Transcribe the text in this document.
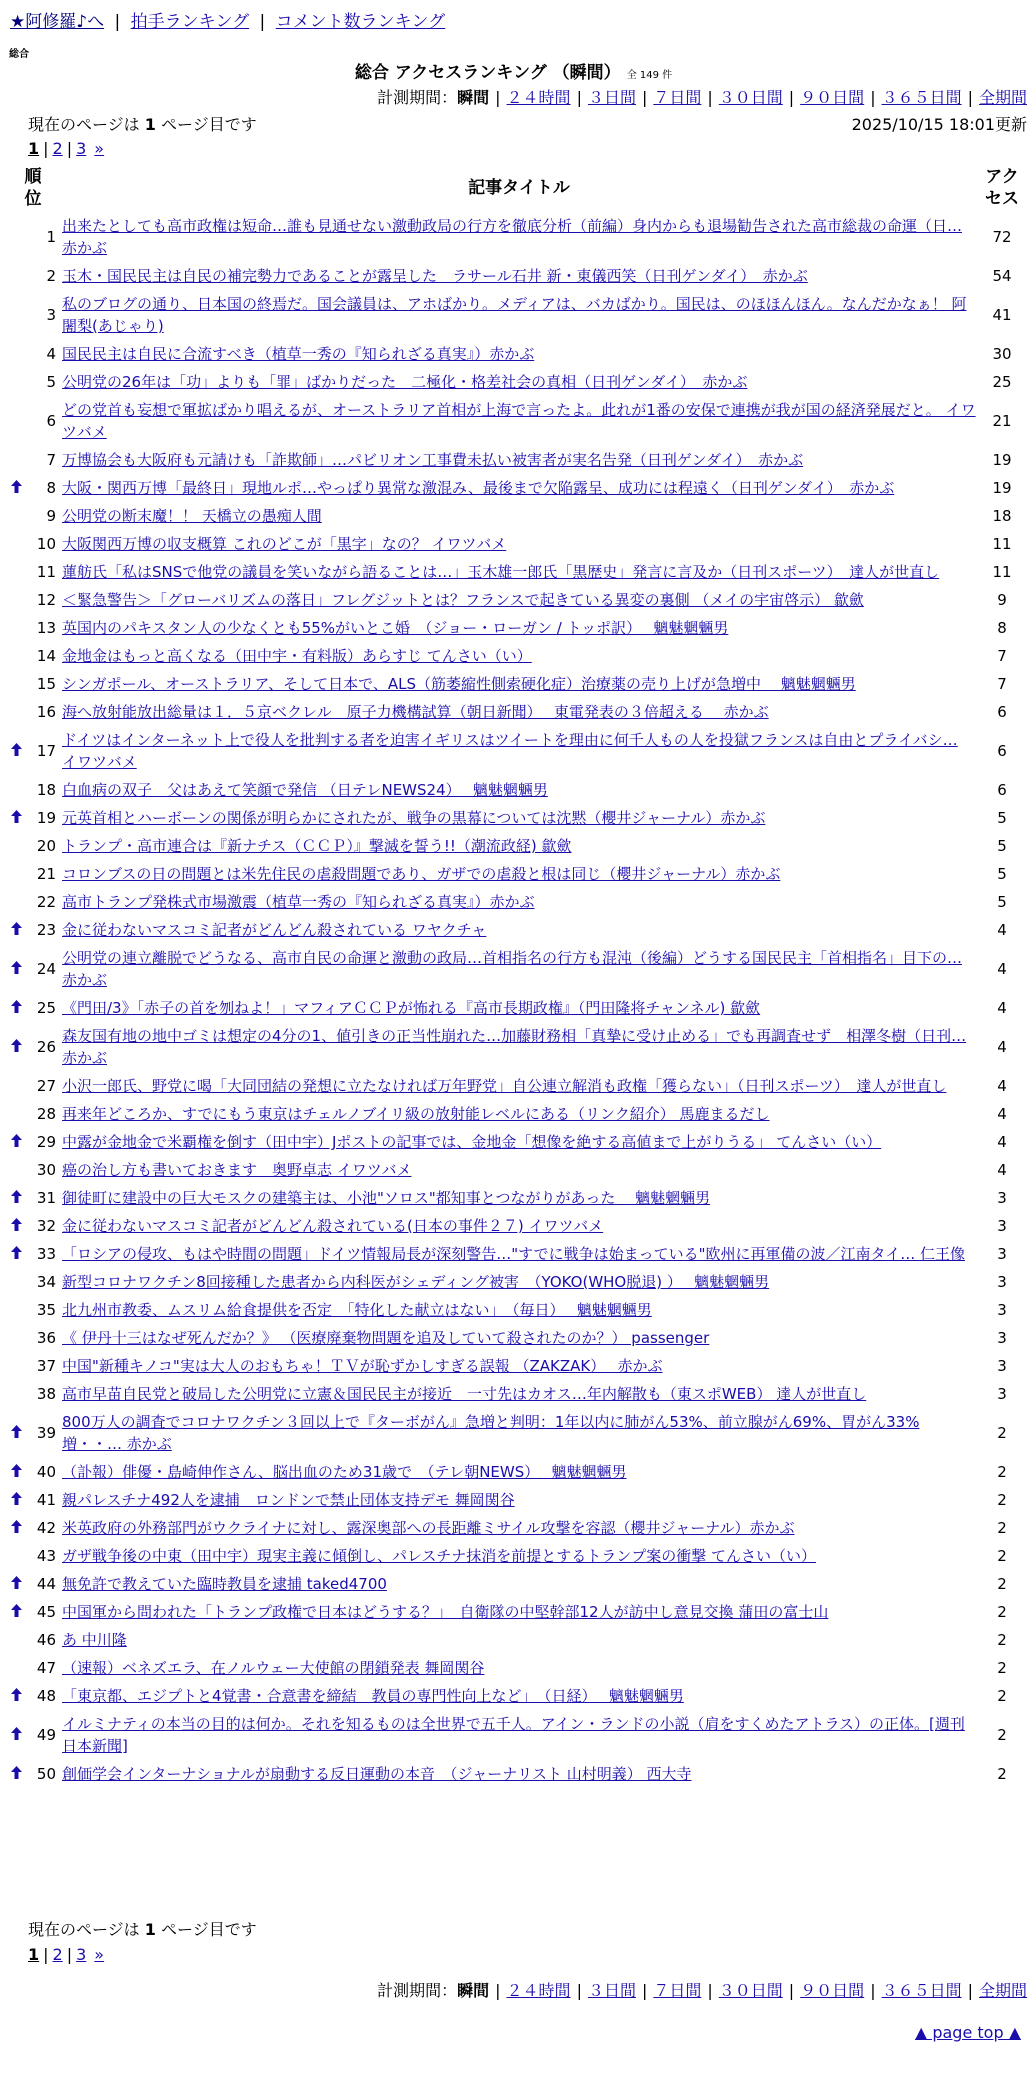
★阿修羅♪へ | 拍手ランキング | コメント数ランキング
総合
総合 アクセスランキング （瞬間） 全 149 件
計測期間：瞬間 | ２４時間 | ３日間 | ７日間 | ３０日間 | ９０日間 | ３６５日間 | 全期間
現在のページは 1 ページ目です	2025/10/15 18:01更新
1 | 2 | 3 »
順
位		記事タイトル	アク
セス
	1	出来たとしても高市政権は短命…誰も見通せない激動政局の行方を徹底分析（前編）身内からも退場勧告された高市総裁の命運（日… 赤かぶ	72
	2	玉木・国民民主は自民の補完勢力であることが露呈した　ラサール石井 新・東儀西笑（日刊ゲンダイ）　赤かぶ	54
	3	私のブログの通り、日本国の終焉だ。国会議員は、アホばかり。メディアは、バカばかり。国民は、のほほんほん。なんだかなぁ！ 阿闍梨(あじゃり)	41
	4	国民民主は自民に合流すべき（植草一秀の『知られざる真実』）赤かぶ	30
	5	公明党の26年は「功」よりも「罪」ばかりだった　二極化・格差社会の真相（日刊ゲンダイ）　赤かぶ	25
	6	どの党首も妄想で軍拡ばかり唱えるが、オーストラリア首相が上海で言ったよ。此れが1番の安保で連携が我が国の経済発展だと。 イワツバメ	21
	7	万博協会も大阪府も元請けも「詐欺師」…パビリオン工事費未払い被害者が実名告発（日刊ゲンダイ）　赤かぶ	19
	8	大阪・関西万博「最終日」現地ルポ…やっぱり異常な激混み、最後まで欠陥露呈、成功には程遠く（日刊ゲンダイ）　赤かぶ	19
	9	公明党の断末魔！！ 天橋立の愚痴人間	18
	10	大阪関西万博の収支概算 これのどこが「黒字」なの？ イワツバメ	11
	11	蓮舫氏「私はSNSで他党の議員を笑いながら語ることは…」玉木雄一郎氏「黒歴史」発言に言及か（日刊スポーツ）　達人が世直し	11
	12	＜緊急警告＞「グローバリズムの落日」フレグジットとは？フランスで起きている異変の裏側 （メイの宇宙啓示） 歙歛	9
	13	英国内のパキスタン人の少なくとも55%がいとこ婚　（ジョー・ローガン / トッポ訳）　 魑魅魍魎男	8
	14	金地金はもっと高くなる（田中宇・有料版）あらすじ てんさい（い）	7
	15	シンガポール、オーストラリア、そして日本で、ALS（筋萎縮性側索硬化症）治療薬の売り上げが急増中　 魑魅魍魎男	7
	16	海へ放射能放出総量は１．５京ベクレル　原子力機構試算（朝日新聞）　 東電発表の３倍超える　 赤かぶ	6
	17	ドイツはインターネット上で役人を批判する者を迫害イギリスはツイートを理由に何千人もの人を投獄フランスは自由とプライバシ… イワツバメ	6
	18	白血病の双子　父はあえて笑顔で発信 （日テレNEWS24）　 魑魅魍魎男	6
	19	元英首相とハーボーンの関係が明らかにされたが、戦争の黒幕については沈黙（櫻井ジャーナル）赤かぶ	5
	20	トランプ・高市連合は『新ナチス（ＣＣＰ）』撃滅を誓う!!（潮流政経) 歙歛	5
	21	コロンブスの日の問題とは米先住民の虐殺問題であり、ガザでの虐殺と根は同じ（櫻井ジャーナル）赤かぶ	5
	22	高市トランプ発株式市場激震（植草一秀の『知られざる真実』）赤かぶ	5
	23	金に従わないマスコミ記者がどんどん殺されている ワヤクチャ	4
	24	公明党の連立離脱でどうなる、高市自民の命運と激動の政局…首相指名の行方も混沌（後編）どうする国民民主「首相指名」目下の… 赤かぶ	4
	25	《門田/3》「赤子の首を刎ねよ！」マフィアＣＣＰが怖れる『高市長期政権』（門田隆将チャンネル) 歙歛	4
	26	森友国有地の地中ゴミは想定の4分の1、値引きの正当性崩れた…加藤財務相「真摯に受け止める」でも再調査せず　相澤冬樹（日刊… 赤かぶ	4
	27	小沢一郎氏、野党に喝「大同団結の発想に立たなければ万年野党」自公連立解消も政権「獲らない」（日刊スポーツ）　達人が世直し	4
	28	再来年どころか、すでにもう東京はチェルノブイリ級の放射能レベルにある（リンク紹介） 馬鹿まるだし	4
	29	中露が金地金で米覇権を倒す（田中宇）Jポストの記事では、金地金「想像を絶する高値まで上がりうる」 てんさい（い）	4
	30	癌の治し方も書いておきます　奥野卓志 イワツバメ	4
	31	御徒町に建設中の巨大モスクの建築主は、小池"ソロス"都知事とつながりがあった　 魑魅魍魎男	3
	32	金に従わないマスコミ記者がどんどん殺されている(日本の事件２７) イワツバメ	3
	33	「ロシアの侵攻、もはや時間の問題」ドイツ情報局長が深刻警告…"すでに戦争は始まっている"欧州に再軍備の波／江南タイ… 仁王像	3
	34	新型コロナワクチン8回接種した患者から内科医がシェディング被害　（YOKO(WHO脱退) ）　 魑魅魍魎男	3
	35	北九州市教委、ムスリム給食提供を否定　「特化した献立はない」　（毎日）　 魑魅魍魎男	3
	36	《 伊丹十三はなぜ死んだか？》 （医療廃棄物問題を追及していて殺されたのか？） passenger	3
	37	中国"新種キノコ"実は大人のおもちゃ！ＴＶが恥ずかしすぎる誤報 （ZAKZAK）　 赤かぶ	3
	38	高市早苗自民党と破局した公明党に立憲＆国民民主が接近　一寸先はカオス…年内解散も（東スポWEB） 達人が世直し	3
	39	800万人の調査でコロナワクチン３回以上で『ターボがん』急増と判明：1年以内に肺がん53%、前立腺がん69%、胃がん33%増・・… 赤かぶ	2
	40	（訃報）俳優・島崎伸作さん、脳出血のため31歳で　（テレ朝NEWS）　 魑魅魍魎男	2
	41	親パレスチナ492人を逮捕　ロンドンで禁止団体支持デモ 舞岡関谷	2
	42	米英政府の外務部門がウクライナに対し、露深奥部への長距離ミサイル攻撃を容認（櫻井ジャーナル）赤かぶ	2
	43	ガザ戦争後の中東（田中宇）現実主義に傾倒し、パレスチナ抹消を前提とするトランプ案の衝撃 てんさい（い）	2
	44	無免許で教えていた臨時教員を逮捕 taked4700	2
	45	中国軍から問われた「トランプ政権で日本はどうする？」　自衛隊の中堅幹部12人が訪中し意見交換 蒲田の富士山	2
	46	あ 中川隆	2
	47	（速報）ベネズエラ、在ノルウェー大使館の閉鎖発表 舞岡関谷	2
	48	「東京都、エジプトと4覚書・合意書を締結　教員の専門性向上など」　（日経）　 魑魅魍魎男	2
	49	イルミナティの本当の目的は何か。それを知るものは全世界で五千人。アイン・ランドの小説（肩をすくめたアトラス）の正体。[週刊日本新聞]	2
	50	創価学会インターナショナルが扇動する反日運動の本音　（ジャーナリスト 山村明義） 西大寺	2
現在のページは 1 ページ目です
1 | 2 | 3 »
計測期間：瞬間 | ２４時間 | ３日間 | ７日間 | ３０日間 | ９０日間 | ３６５日間 | 全期間
▲ page top ▲
